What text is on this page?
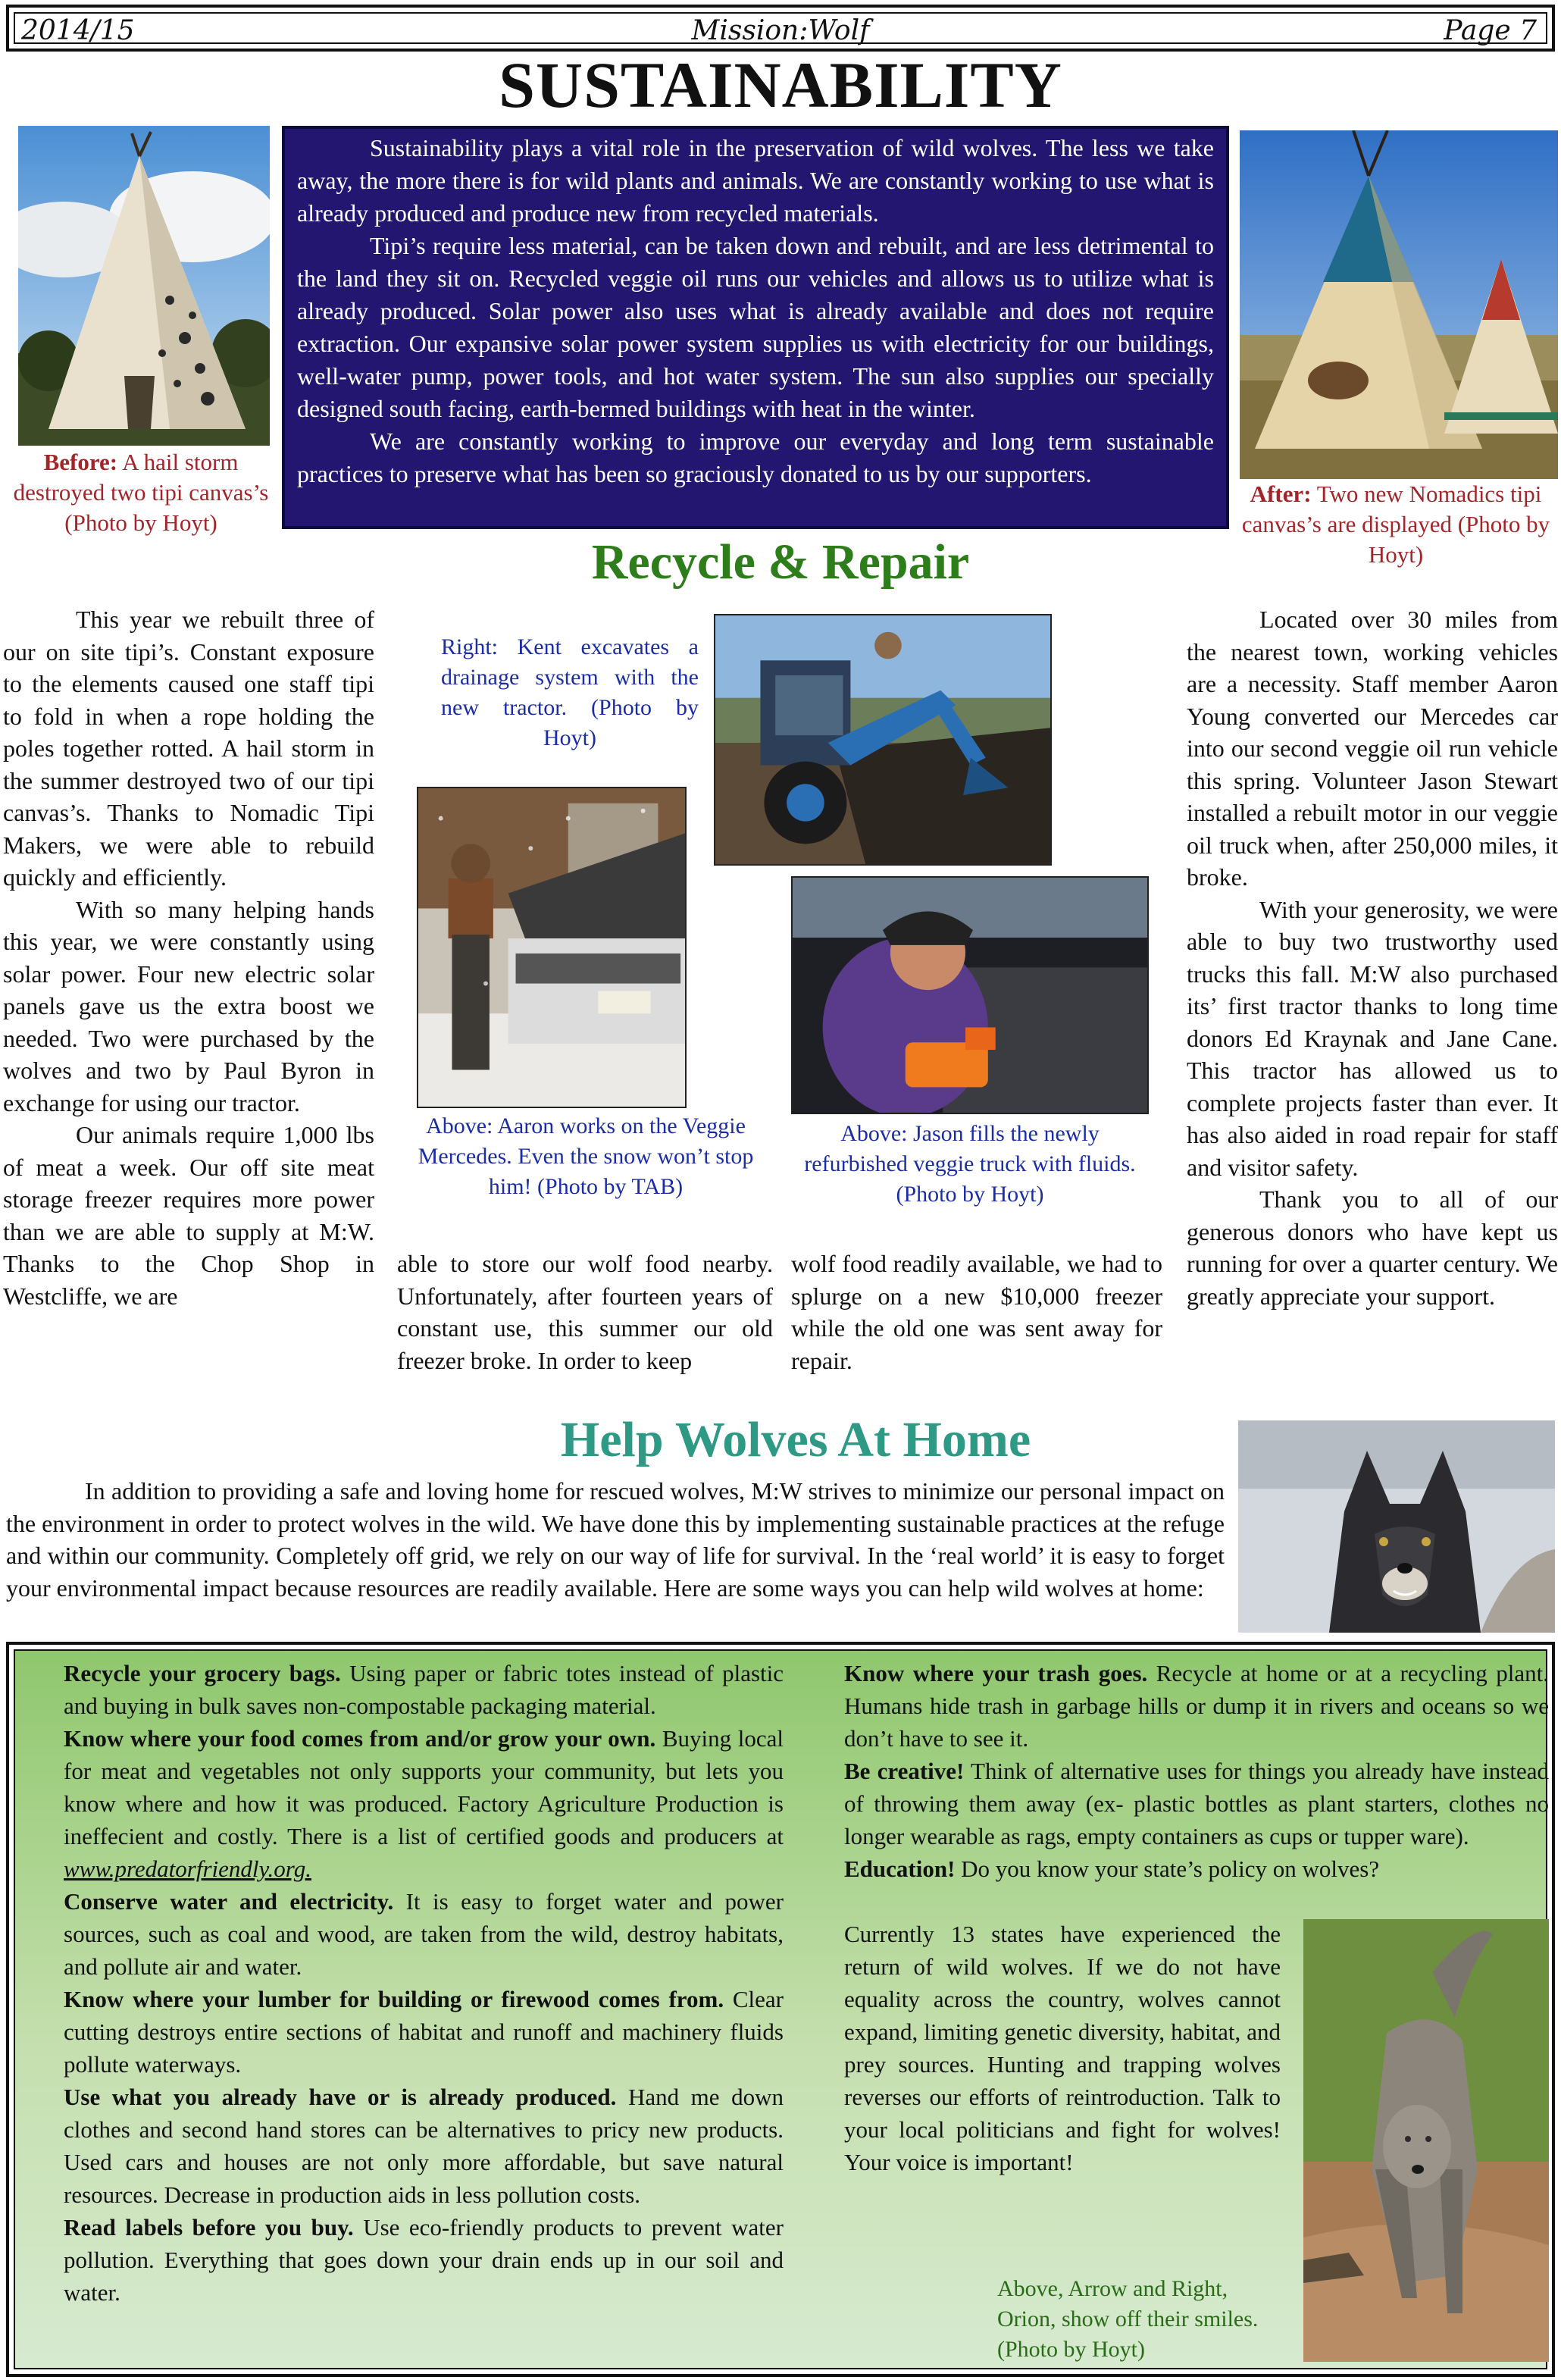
2014/15	Mission:Wolf	Page 7
SUSTAINABILITY
Before: A hail storm destroyed two tipi canvas’s (Photo by Hoyt)

Sustainability plays a vital role in the preservation of wild wolves. The less we take away, the more there is for wild plants and animals. We are constantly working to use what is already produced and produce new from recycled materials.

Tipi’s require less material, can be taken down and rebuilt, and are less detrimental to the land they sit on. Recycled veggie oil runs our vehicles and allows us to utilize what is already produced. Solar power also uses what is already available and does not require extraction. Our expansive solar power system supplies us with electricity for our buildings, well-water pump, power tools, and hot water system. The sun also supplies our specially designed south facing, earth-bermed buildings with heat in the winter.

We are constantly working to improve our everyday and long term sustainable practices to preserve what has been so graciously donated to us by our supporters.

After: Two new Nomadics tipi canvas’s are displayed (Photo by Hoyt)
Recycle & Repair

This year we rebuilt three of our on site tipi’s. Constant exposure to the elements caused one staff tipi to fold in when a rope holding the poles together rotted. A hail storm in the summer destroyed two of our tipi canvas’s. Thanks to Nomadic Tipi Makers, we were able to rebuild quickly and efficiently.

With so many helping hands this year, we were constantly using solar power. Four new electric solar panels gave us the extra boost we needed. Two were purchased by the wolves and two by Paul Byron in exchange for using our tractor.

Our animals require 1,000 lbs of meat a week. Our off site meat storage freezer requires more power than we are able to supply at M:W. Thanks to the Chop Shop in Westcliffe, we are

Right: Kent excavates a drainage system with the new tractor. (Photo by Hoyt)
Above: Aaron works on the Veggie Mercedes. Even the snow won’t stop him! (Photo by TAB)
Above: Jason fills the newly refurbished veggie truck with fluids.(Photo by Hoyt)
able to store our wolf food nearby. Unfortunately, after fourteen years of constant use, this summer our old freezer broke. In order to keep
wolf food readily available, we had to splurge on a new $10,000 freezer while the old one was sent away for repair.

Located over 30 miles from the nearest town, working vehicles are a necessity. Staff member Aaron Young converted our Mercedes car into our second veggie oil run vehicle this spring. Volunteer Jason Stewart installed a rebuilt motor in our veggie oil truck when, after 250,000 miles, it broke.

With your generosity, we were able to buy two trustworthy used trucks this fall. M:W also purchased its’ first tractor thanks to long time donors Ed Kraynak and Jane Cane. This tractor has allowed us to complete projects faster than ever. It has also aided in road repair for staff and visitor safety.

Thank you to all of our generous donors who have kept us running for over a quarter century. We greatly appreciate your support.

Help Wolves At Home

In addition to providing a safe and loving home for rescued wolves, M:W strives to minimize our personal impact on the environment in order to protect wolves in the wild. We have done this by implementing sustainable practices at the refuge and within our community. Completely off grid, we rely on our way of life for survival. In the ‘real world’ it is easy to forget your environmental impact because resources are readily available. Here are some ways you can help wild wolves at home:

Recycle your grocery bags. Using paper or fabric totes instead of plastic and buying in bulk saves non-compostable packaging material.

Know where your food comes from and/or grow your own. Buying local for meat and vegetables not only supports your community, but lets you know where and how it was produced. Factory Agriculture Production is ineffecient and costly. There is a list of certified goods and producers at www.predatorfriendly.org.

Conserve water and electricity. It is easy to forget water and power sources, such as coal and wood, are taken from the wild, destroy habitats, and pollute air and water.

Know where your lumber for building or firewood comes from. Clear cutting destroys entire sections of habitat and runoff and machinery fluids pollute waterways.

Use what you already have or is already produced. Hand me down clothes and second hand stores can be alternatives to pricy new products. Used cars and houses are not only more affordable, but save natural resources. Decrease in production aids in less pollution costs.

Read labels before you buy. Use eco-friendly products to prevent water pollution. Everything that goes down your drain ends up in our soil and water.

Know where your trash goes. Recycle at home or at a recycling plant. Humans hide trash in garbage hills or dump it in rivers and oceans so we don’t have to see it.

Be creative! Think of alternative uses for things you already have instead of throwing them away (ex- plastic bottles as plant starters, clothes no longer wearable as rags, empty containers as cups or tupper ware).

Education! Do you know your state’s policy on wolves?

Currently 13 states have experienced the return of wild wolves. If we do not have equality across the country, wolves cannot expand, limiting genetic diversity, habitat, and prey sources. Hunting and trapping wolves reverses our efforts of reintroduction. Talk to your local politicians and fight for wolves! Your voice is important!
Above, Arrow and Right, Orion, show off their smiles. (Photo by Hoyt)
